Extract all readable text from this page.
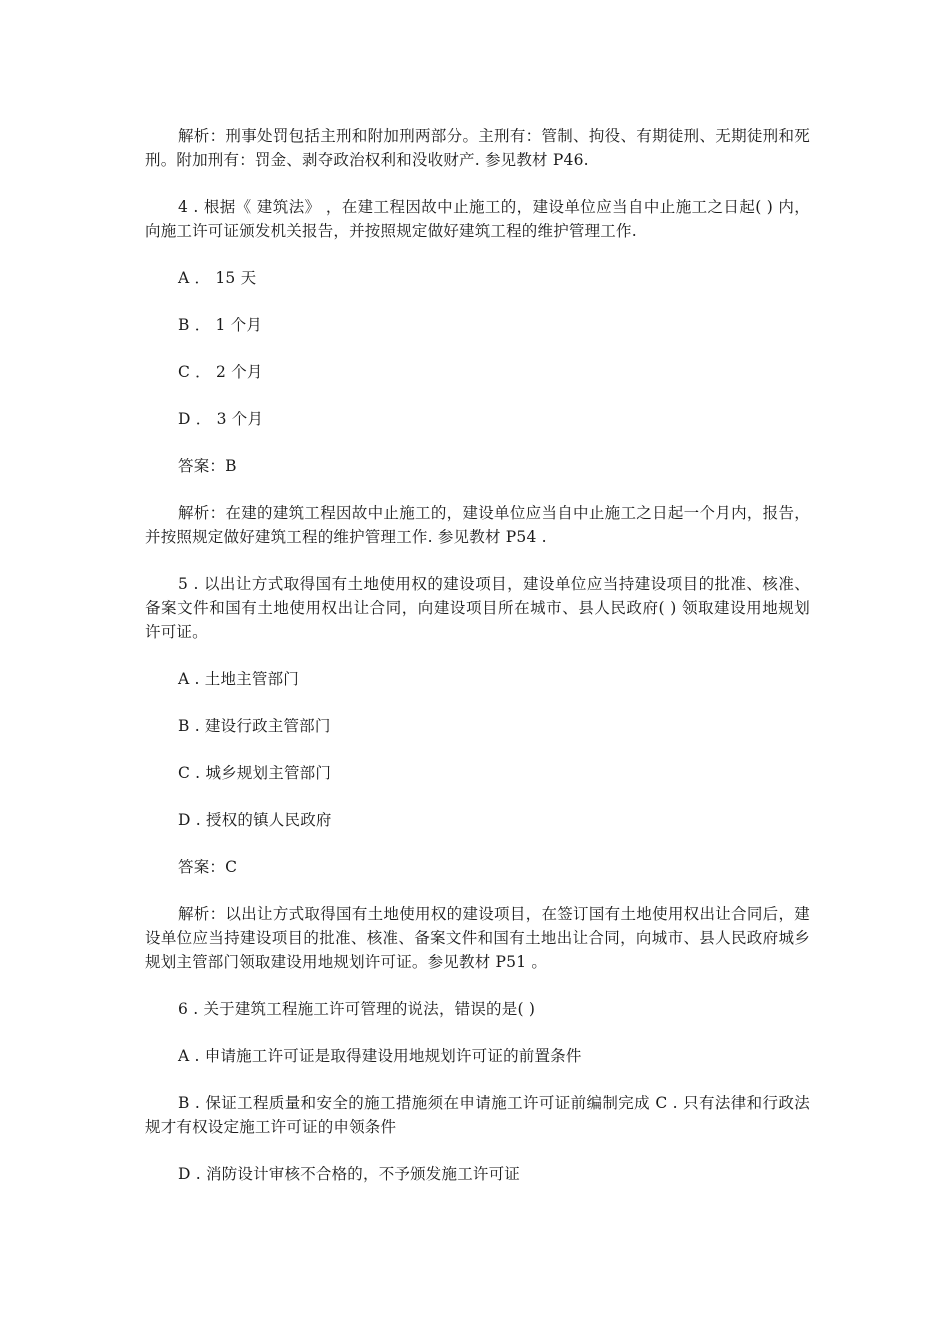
解析：刑事处罚包括主刑和附加刑两部分。主刑有：管制、拘役、有期徒刑、无期徒刑和死刑。附加刑有：罚金、剥夺政治权利和没收财产. 参见教材 P46.

4 . 根据《 建筑法》 ，在建工程因故中止施工的，建设单位应当自中止施工之日起( ) 内，向施工许可证颁发机关报告，并按照规定做好建筑工程的维护管理工作.

A ． 15 天

B ． 1 个月

C ． 2 个月

D ． 3 个月

答案：B

解析：在建的建筑工程因故中止施工的，建设单位应当自中止施工之日起一个月内，报告，并按照规定做好建筑工程的维护管理工作. 参见教材 P54 .

5 . 以出让方式取得国有土地使用权的建设项目，建设单位应当持建设项目的批准、核准、备案文件和国有土地使用权出让合同，向建设项目所在城市、县人民政府( ) 领取建设用地规划许可证。

A . 土地主管部门

B . 建设行政主管部门

C . 城乡规划主管部门

D . 授权的镇人民政府

答案：C

解析：以出让方式取得国有土地使用权的建设项目，在签订国有土地使用权出让合同后，建设单位应当持建设项目的批准、核准、备案文件和国有土地出让合同，向城市、县人民政府城乡规划主管部门领取建设用地规划许可证。参见教材 P51 。

6 . 关于建筑工程施工许可管理的说法，错误的是( )

A . 申请施工许可证是取得建设用地规划许可证的前置条件

B . 保证工程质量和安全的施工措施须在申请施工许可证前编制完成 C . 只有法律和行政法规才有权设定施工许可证的申领条件

D . 消防设计审核不合格的，不予颁发施工许可证
